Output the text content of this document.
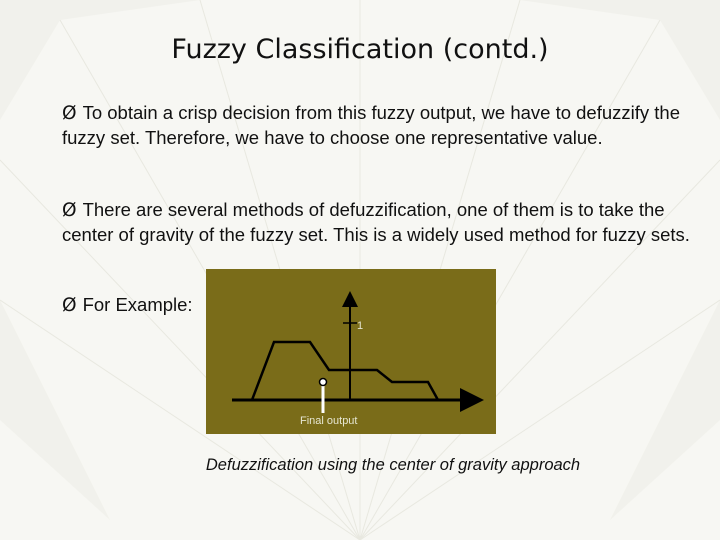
Fuzzy Classification (contd.)
Ø To obtain a crisp decision from this fuzzy output, we have to defuzzify the fuzzy set. Therefore, we have to choose one representative value.
Ø There are several methods of defuzzification, one of them is to take the center of gravity of the fuzzy set. This is a widely used method for fuzzy sets.
Ø For Example:
1
Final output
Defuzzification using the center of gravity approach
